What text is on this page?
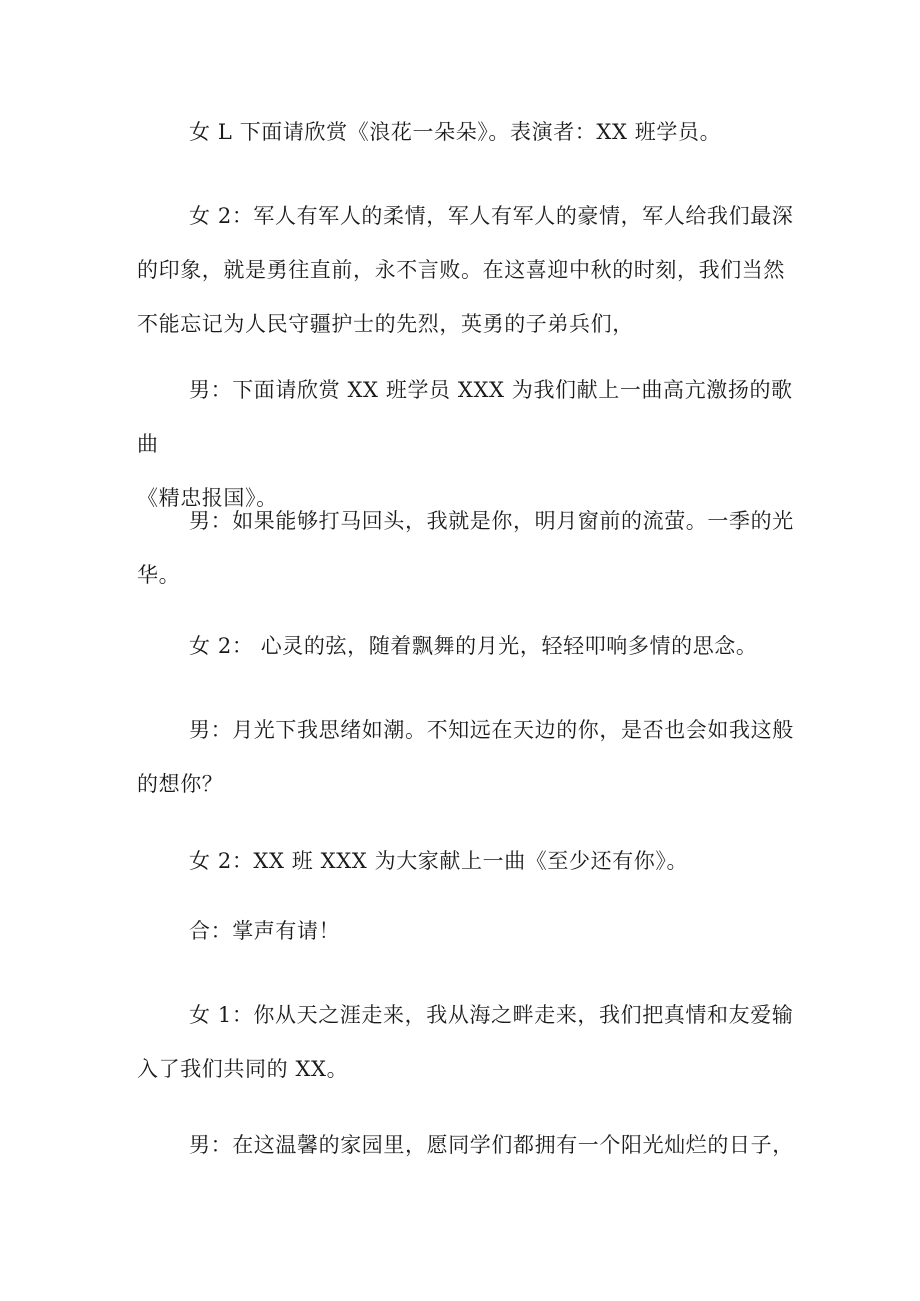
女 L 下面请欣赏《浪花一朵朵》。表演者：XX 班学员。

女 2：军人有军人的柔情，军人有军人的豪情，军人给我们最深
的印象，就是勇往直前，永不言败。在这喜迎中秋的时刻，我们当然
不能忘记为人民守疆护士的先烈，英勇的子弟兵们，

男：下面请欣赏 XX 班学员 XXX 为我们献上一曲高亢激扬的歌曲
《精忠报国》。

男：如果能够打马回头，我就是你，明月窗前的流萤。一季的光
华。

女 2： 心灵的弦，随着飘舞的月光，轻轻叩响多情的思念。

男：月光下我思绪如潮。不知远在天边的你，是否也会如我这般
的想你？

女 2：XX 班 XXX 为大家献上一曲《至少还有你》。

合：掌声有请！

女 1：你从天之涯走来，我从海之畔走来，我们把真情和友爱输
入了我们共同的 XX。

男：在这温馨的家园里，愿同学们都拥有一个阳光灿烂的日子，
